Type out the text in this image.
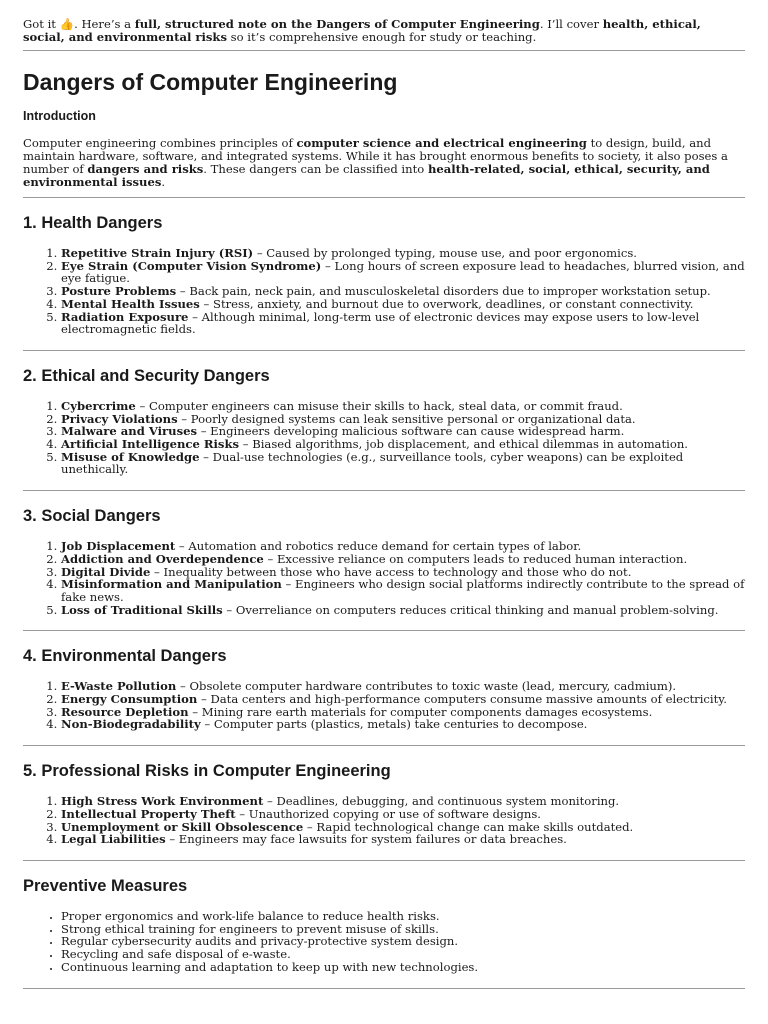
Got it 👍. Here’s a full, structured note on the Dangers of Computer Engineering. I’ll cover health, ethical, social, and environmental risks so it’s comprehensive enough for study or teaching.

Dangers of Computer Engineering
Introduction

Computer engineering combines principles of computer science and electrical engineering to design, build, and maintain hardware, software, and integrated systems. While it has brought enormous benefits to society, it also poses a number of dangers and risks. These dangers can be classified into health-related, social, ethical, security, and environmental issues.

1. Health Dangers
1. Repetitive Strain Injury (RSI) – Caused by prolonged typing, mouse use, and poor ergonomics.
2. Eye Strain (Computer Vision Syndrome) – Long hours of screen exposure lead to headaches, blurred vision, and eye fatigue.
3. Posture Problems – Back pain, neck pain, and musculoskeletal disorders due to improper workstation setup.
4. Mental Health Issues – Stress, anxiety, and burnout due to overwork, deadlines, or constant connectivity.
5. Radiation Exposure – Although minimal, long-term use of electronic devices may expose users to low-level electromagnetic fields.
2. Ethical and Security Dangers
1. Cybercrime – Computer engineers can misuse their skills to hack, steal data, or commit fraud.
2. Privacy Violations – Poorly designed systems can leak sensitive personal or organizational data.
3. Malware and Viruses – Engineers developing malicious software can cause widespread harm.
4. Artificial Intelligence Risks – Biased algorithms, job displacement, and ethical dilemmas in automation.
5. Misuse of Knowledge – Dual-use technologies (e.g., surveillance tools, cyber weapons) can be exploited unethically.
3. Social Dangers
1. Job Displacement – Automation and robotics reduce demand for certain types of labor.
2. Addiction and Overdependence – Excessive reliance on computers leads to reduced human interaction.
3. Digital Divide – Inequality between those who have access to technology and those who do not.
4. Misinformation and Manipulation – Engineers who design social platforms indirectly contribute to the spread of fake news.
5. Loss of Traditional Skills – Overreliance on computers reduces critical thinking and manual problem-solving.
4. Environmental Dangers
1. E-Waste Pollution – Obsolete computer hardware contributes to toxic waste (lead, mercury, cadmium).
2. Energy Consumption – Data centers and high-performance computers consume massive amounts of electricity.
3. Resource Depletion – Mining rare earth materials for computer components damages ecosystems.
4. Non-Biodegradability – Computer parts (plastics, metals) take centuries to decompose.
5. Professional Risks in Computer Engineering
1. High Stress Work Environment – Deadlines, debugging, and continuous system monitoring.
2. Intellectual Property Theft – Unauthorized copying or use of software designs.
3. Unemployment or Skill Obsolescence – Rapid technological change can make skills outdated.
4. Legal Liabilities – Engineers may face lawsuits for system failures or data breaches.
Preventive Measures
• Proper ergonomics and work-life balance to reduce health risks.
• Strong ethical training for engineers to prevent misuse of skills.
• Regular cybersecurity audits and privacy-protective system design.
• Recycling and safe disposal of e-waste.
• Continuous learning and adaptation to keep up with new technologies.
